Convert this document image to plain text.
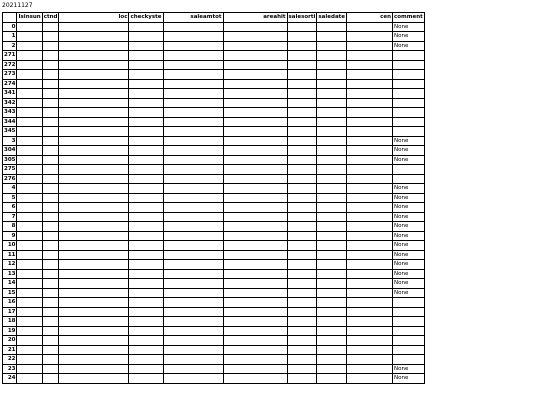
20211127
	Isinsun	ctnd	loc	checkyste	saleamtot	areahit	salesorti	saledate	cen	comment
0										None
1										None
2										None
271										
272										
273										
274										
341										
342										
343										
344										
345										
3										None
304										None
305										None
275										
276										
4										None
5										None
6										None
7										None
8										None
9										None
10										None
11										None
12										None
13										None
14										None
15										None
16										
17										
18										
19										
20										
21										
22										
23										None
24										None
